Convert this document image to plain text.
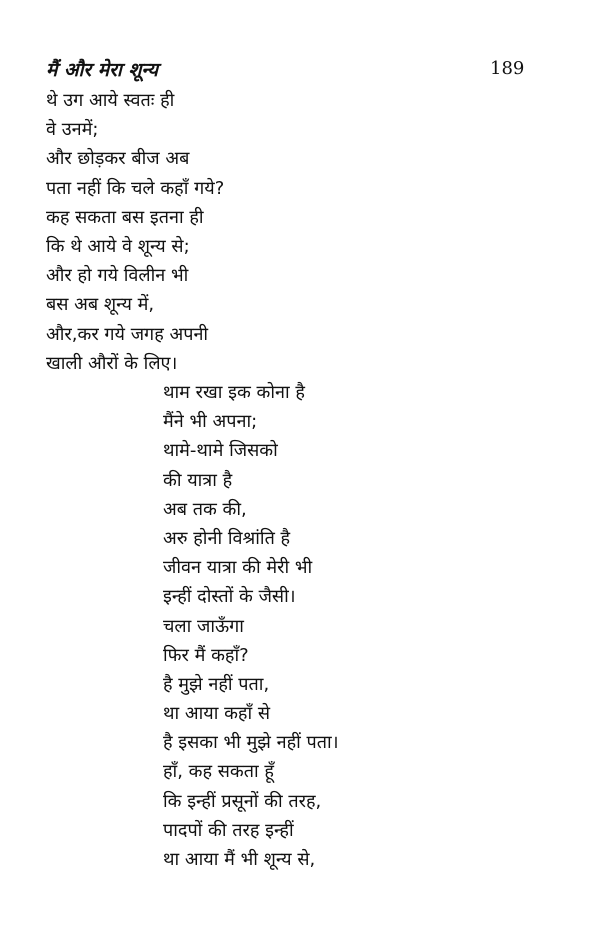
मैं और मेरा शून्य	189
थे उग आये स्वतः ही
वे उनमें;
और छोड़कर बीज अब
पता नहीं कि चले कहाँ गये?
कह सकता बस इतना ही
कि थे आये वे शून्य से;
और हो गये विलीन भी
बस अब शून्य में,
और,कर गये जगह अपनी
खाली औरों के लिए।
थाम रखा इक कोना है
मैंने भी अपना;
थामे-थामे जिसको
की यात्रा है
अब तक की,
अरु होनी विश्रांति है
जीवन यात्रा की मेरी भी
इन्हीं दोस्तों के जैसी।
चला जाऊँगा
फिर मैं कहाँ?
है मुझे नहीं पता,
था आया कहाँ से
है इसका भी मुझे नहीं पता।
हाँ, कह सकता हूँ
कि इन्हीं प्रसूनों की तरह,
पादपों की तरह इन्हीं
था आया मैं भी शून्य से,
